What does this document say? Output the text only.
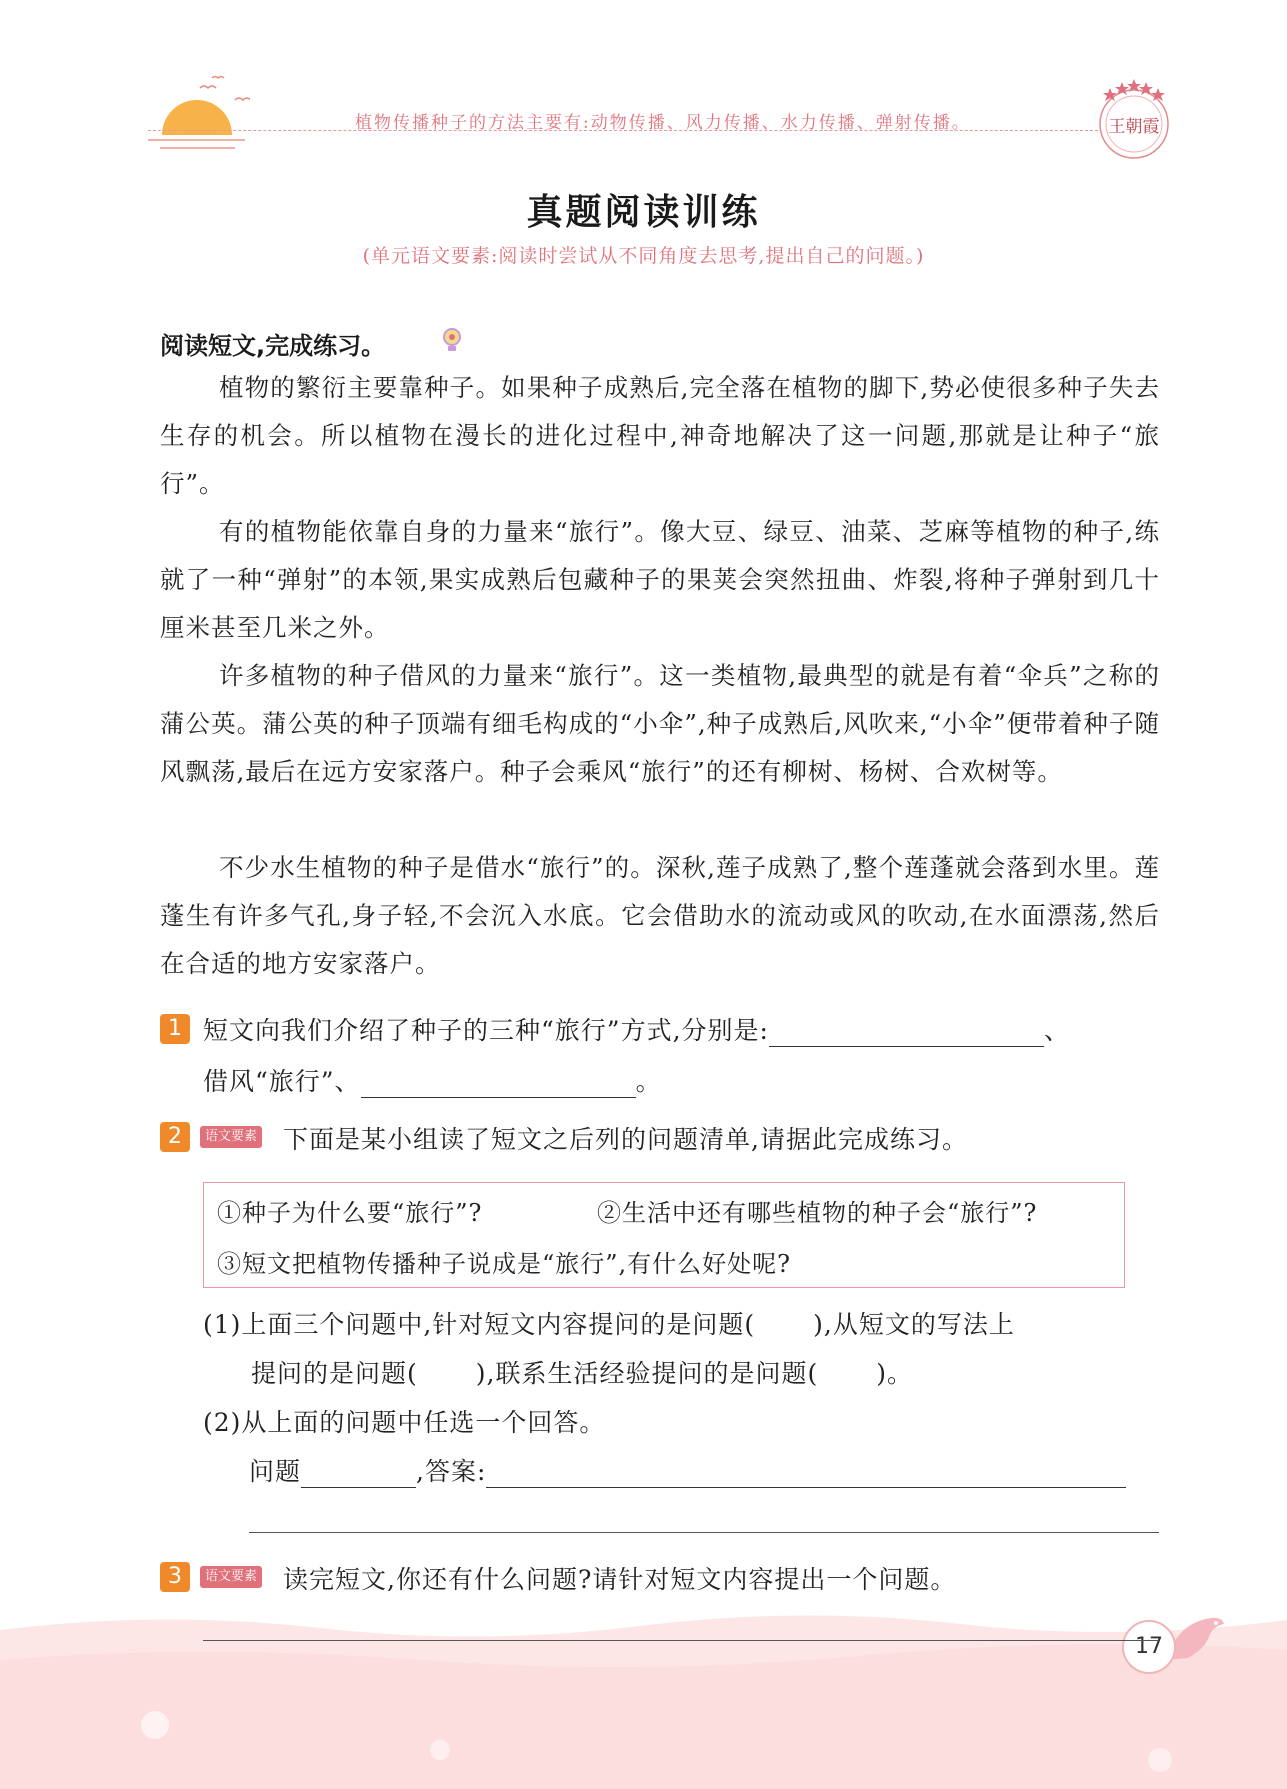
植物传播种子的方法主要有:动物传播、风力传播、水力传播、弹射传播。	王朝霞
真题阅读训练
(单元语文要素:阅读时尝试从不同角度去思考,提出自己的问题。)
阅读短文,完成练习。
植物的繁衍主要靠种子。如果种子成熟后,完全落在植物的脚下,势必使很多种子失去生存的机会。所以植物在漫长的进化过程中,神奇地解决了这一问题,那就是让种子“旅行”。
有的植物能依靠自身的力量来“旅行”。像大豆、绿豆、油菜、芝麻等植物的种子,练就了一种“弹射”的本领,果实成熟后包藏种子的果荚会突然扭曲、炸裂,将种子弹射到几十厘米甚至几米之外。
许多植物的种子借风的力量来“旅行”。这一类植物,最典型的就是有着“伞兵”之称的蒲公英。蒲公英的种子顶端有细毛构成的“小伞”,种子成熟后,风吹来,“小伞”便带着种子随风飘荡,最后在远方安家落户。种子会乘风“旅行”的还有柳树、杨树、合欢树等。
不少水生植物的种子是借水“旅行”的。深秋,莲子成熟了,整个莲蓬就会落到水里。莲蓬生有许多气孔,身子轻,不会沉入水底。它会借助水的流动或风的吹动,在水面漂荡,然后在合适的地方安家落户。
1 短文向我们介绍了种子的三种“旅行”方式,分别是:	、
借风“旅行”、	。
2	语文要素 下面是某小组读了短文之后列的问题清单,请据此完成练习。
①种子为什么要“旅行”?	②生活中还有哪些植物的种子会“旅行”?
③短文把植物传播种子说成是“旅行”,有什么好处呢?
(1)上面三个问题中,针对短文内容提问的是问题( ),从短文的写法上
提问的是问题( ),联系生活经验提问的是问题( )。
(2)从上面的问题中任选一个回答。
问题	,答案:
3	语文要素 读完短文,你还有什么问题?请针对短文内容提出一个问题。
17
